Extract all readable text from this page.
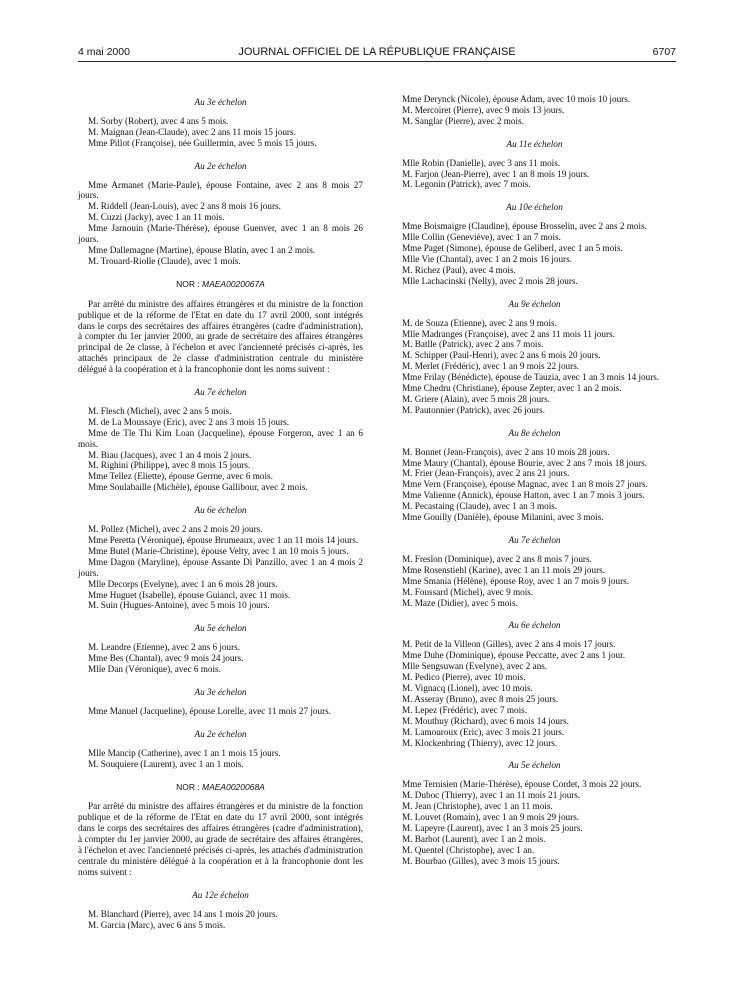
4 mai 2000	JOURNAL OFFICIEL DE LA RÉPUBLIQUE FRANÇAISE	6707

Au 3e échelon

M. Sorby (Robert), avec 4 ans 5 mois.

M. Maignan (Jean-Claude), avec 2 ans 11 mois 15 jours.

Mme Pillot (Françoise), née Guillermin, avec 5 mois 15 jours.

Au 2e échelon

Mme Armanet (Marie-Paule), épouse Fontaine, avec 2 ans 8 mois 27 jours.

M. Riddell (Jean-Louis), avec 2 ans 8 mois 16 jours.

M. Cuzzi (Jacky), avec 1 an 11 mois.

Mme Jarnouin (Marie-Thérèse), épouse Guenver, avec 1 an 8 mois 26 jours.

Mme Dallemagne (Martine), épouse Blatin, avec 1 an 2 mois.

M. Trouard-Riolle (Claude), avec 1 mois.

NOR : MAEA0020067A

Par arrêté du ministre des affaires étrangères et du ministre de la fonction publique et de la réforme de l'Etat en date du 17 avril 2000, sont intégrés dans le corps des secrétaires des affaires étrangères (cadre d'administration), à compter du 1er janvier 2000, au grade de secrétaire des affaires étrangères principal de 2e classe, à l'échelon et avec l'ancienneté précisés ci-après, les attachés principaux de 2e classe d'administration centrale du ministère délégué à la coopération et à la francophonie dont les noms suivent :

Au 7e échelon

M. Flesch (Michel), avec 2 ans 5 mois.

M. de La Moussaye (Eric), avec 2 ans 3 mois 15 jours.

Mme de Tle Thi Kim Loan (Jacqueline), épouse Forgeron, avec 1 an 6 mois.

M. Biau (Jacques), avec 1 an 4 mois 2 jours.

M. Righini (Philippe), avec 8 mois 15 jours.

Mme Tellez (Eliette), épouse Gerrne, avec 6 mois.

Mme Soulabaille (Michèle), épouse Gallibour, avec 2 mois.

Au 6e échelon

M. Pollez (Michel), avec 2 ans 2 mois 20 jours.

Mme Peretta (Véronique), épouse Brumeaux, avec 1 an 11 mois 14 jours.

Mme Butel (Marie-Christine), épouse Velty, avec 1 an 10 mois 5 jours.

Mme Dagon (Maryline), épouse Assante Di Panzillo, avec 1 an 4 mois 2 jours.

Mlle Decorps (Evelyne), avec 1 an 6 mois 28 jours.

Mme Huguet (Isabelle), épouse Guiancl, avec 11 mois.

M. Suin (Hugues-Antoine), avec 5 mois 10 jours.

Au 5e échelon

M. Leandre (Etienne), avec 2 ans 6 jours.

Mme Bes (Chantal), avec 9 mois 24 jours.

Mlle Dan (Véronique), avec 6 mois.

Au 3e échelon

Mme Manuel (Jacqueline), épouse Lorelle, avec 11 mois 27 jours.

Au 2e échelon

Mlle Mancip (Catherine), avec 1 an 1 mois 15 jours.

M. Souquiere (Laurent), avec 1 an 1 mois.

NOR : MAEA0020068A

Par arrêté du ministre des affaires étrangères et du ministre de la fonction publique et de la réforme de l'Etat en date du 17 avril 2000, sont intégrés dans le corps des secrétaires des affaires étrangères (cadre d'administration), à compter du 1er janvier 2000, au grade de secrétaire des affaires étrangères, à l'échelon et avec l'ancienneté précisés ci-après, les attachés d'administration centrale du ministère délégué à la coopération et à la francophonie dont les noms suivent :

Au 12e échelon

M. Blanchard (Pierre), avec 14 ans 1 mois 20 jours.

M. Garcia (Marc), avec 6 ans 5 mois.

Mme Derynck (Nicole), épouse Adam, avec 10 mois 10 jours.

M. Mercoiret (Pierre), avec 9 mois 13 jours.

M. Sanglar (Pierre), avec 2 mois.

Au 11e échelon

Mlle Robin (Danielle), avec 3 ans 11 mois.

M. Farjon (Jean-Pierre), avec 1 an 8 mois 19 jours.

M. Legonin (Patrick), avec 7 mois.

Au 10e échelon

Mme Boismaigre (Claudine), épouse Brosselin, avec 2 ans 2 mois.

Mlle Collin (Geneviève), avec 1 an 7 mois.

Mme Paget (Simone), épouse de Geliberl, avec 1 an 5 mois.

Mlle Vie (Chantal), avec 1 an 2 mois 16 jours.

M. Richez (Paul), avec 4 mois.

Mlle Lachacinski (Nelly), avec 2 mois 28 jours.

Au 9e échelon

M. de Souza (Etienne), avec 2 ans 9 mois.

Mlle Madranges (Françoise), avec 2 ans 11 mois 11 jours.

M. Batlle (Patrick), avec 2 ans 7 mois.

M. Schipper (Paul-Henri), avec 2 ans 6 mois 20 jours.

M. Merlet (Frédéric), avec 1 an 9 mois 22 jours.

Mme Frilay (Bénédicte), épouse de Tauzia, avec 1 an 3 mois 14 jours.

Mme Chedru (Christiane), épouse Zepter, avec 1 an 2 mois.

M. Griere (Alain), avec 5 mois 28 jours.

M. Pautonnier (Patrick), avec 26 jours.

Au 8e échelon

M. Bonnet (Jean-François), avec 2 ans 10 mois 28 jours.

Mme Maury (Chantal), épouse Bourie, avec 2 ans 7 mois 18 jours.

M. Frier (Jean-François), avec 2 ans 21 jours.

Mme Vern (Françoise), épouse Magnac, avec 1 an 8 mois 27 jours.

Mme Valienne (Annick), épouse Hatton, avec 1 an 7 mois 3 jours.

M. Pecastaing (Claude), avec 1 an 3 mois.

Mme Gouilly (Danièle), épouse Milanini, avec 3 mois.

Au 7e échelon

M. Freslon (Dominique), avec 2 ans 8 mois 7 jours.

Mme Rosenstiehl (Karine), avec 1 an 11 mois 29 jours.

Mme Smania (Hélène), épouse Roy, avec 1 an 7 mois 9 jours.

M. Foussard (Michel), avec 9 mois.

M. Maze (Didier), avec 5 mois.

Au 6e échelon

M. Petit de la Villeon (Gilles), avec 2 ans 4 mois 17 jours.

Mme Duhe (Dominique), épouse Peccatte, avec 2 ans 1 jour.

Mlle Sengsuwan (Evelyne), avec 2 ans.

M. Pedico (Pierre), avec 10 mois.

M. Vignacq (Lionel), avec 10 mois.

M. Asseray (Bruno), avec 8 mois 25 jours.

M. Lepez (Frédéric), avec 7 mois.

M. Mouthuy (Richard), avec 6 mois 14 jours.

M. Lamouroux (Eric), avec 3 mois 21 jours.

M. Klockenbring (Thierry), avec 12 jours.

Au 5e échelon

Mme Ternisien (Marie-Thérèse), épouse Cordet, 3 mois 22 jours.

M. Duboc (Thierry), avec 1 an 11 mois 21 jours.

M. Jean (Christophe), avec 1 an 11 mois.

M. Louvet (Romain), avec 1 an 9 mois 29 jours.

M. Lapeyre (Laurent), avec 1 an 3 mois 25 jours.

M. Barbot (Laurent), avec 1 an 2 mois.

M. Quentel (Christophe), avec 1 an.

M. Bourbao (Gilles), avec 3 mois 15 jours.
